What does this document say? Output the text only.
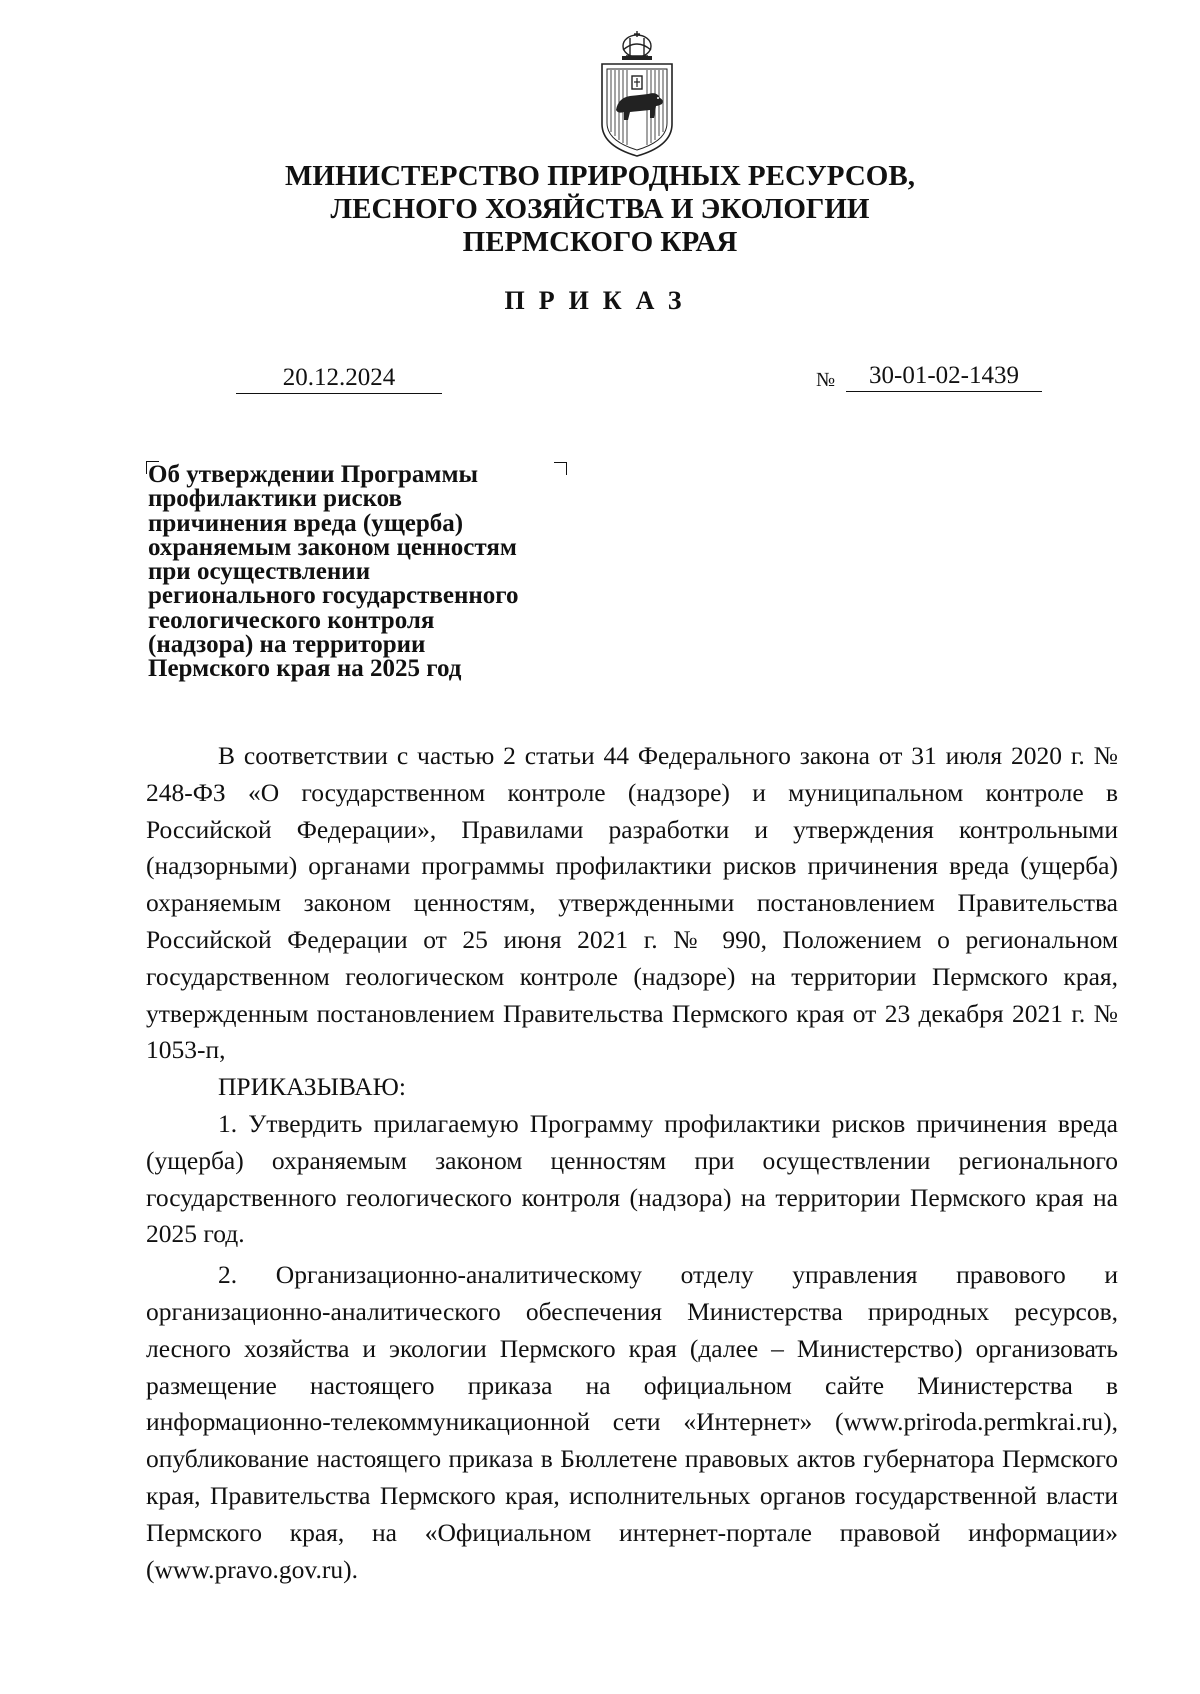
МИНИСТЕРСТВО ПРИРОДНЫХ РЕСУРСОВ,
ЛЕСНОГО ХОЗЯЙСТВА И ЭКОЛОГИИ
ПЕРМСКОГО КРАЯ
ПРИКАЗ
20.12.2024	№	30-01-02-1439
Об утверждении Программы
профилактики рисков
причинения вреда (ущерба)
охраняемым законом ценностям
при осуществлении
регионального государственного
геологического контроля
(надзора) на территории
Пермского края на 2025 год

В соответствии с частью 2 статьи 44 Федерального закона от 31 июля 2020 г. № 248-ФЗ «О государственном контроле (надзоре) и муниципальном контроле в Российской Федерации», Правилами разработки и утверждения контрольными (надзорными) органами программы профилактики рисков причинения вреда (ущерба) охраняемым законом ценностям, утвержденными постановлением Правительства Российской Федерации от 25 июня 2021 г. № 990, Положением о региональном государственном геологическом контроле (надзоре) на территории Пермского края, утвержденным постановлением Правительства Пермского края от 23 декабря 2021 г. № 1053-п,

ПРИКАЗЫВАЮ:

1. Утвердить прилагаемую Программу профилактики рисков причинения вреда (ущерба) охраняемым законом ценностям при осуществлении регионального государственного геологического контроля (надзора) на территории Пермского края на 2025 год.

2. Организационно-аналитическому отделу управления правового и организационно-аналитического обеспечения Министерства природных ресурсов, лесного хозяйства и экологии Пермского края (далее – Министерство) организовать размещение настоящего приказа на официальном сайте Министерства в информационно-телекоммуникационной сети «Интернет» (www.priroda.permkrai.ru), опубликование настоящего приказа в Бюллетене правовых актов губернатора Пермского края, Правительства Пермского края, исполнительных органов государственной власти Пермского края, на «Официальном интернет-портале правовой информации» (www.pravo.gov.ru).
